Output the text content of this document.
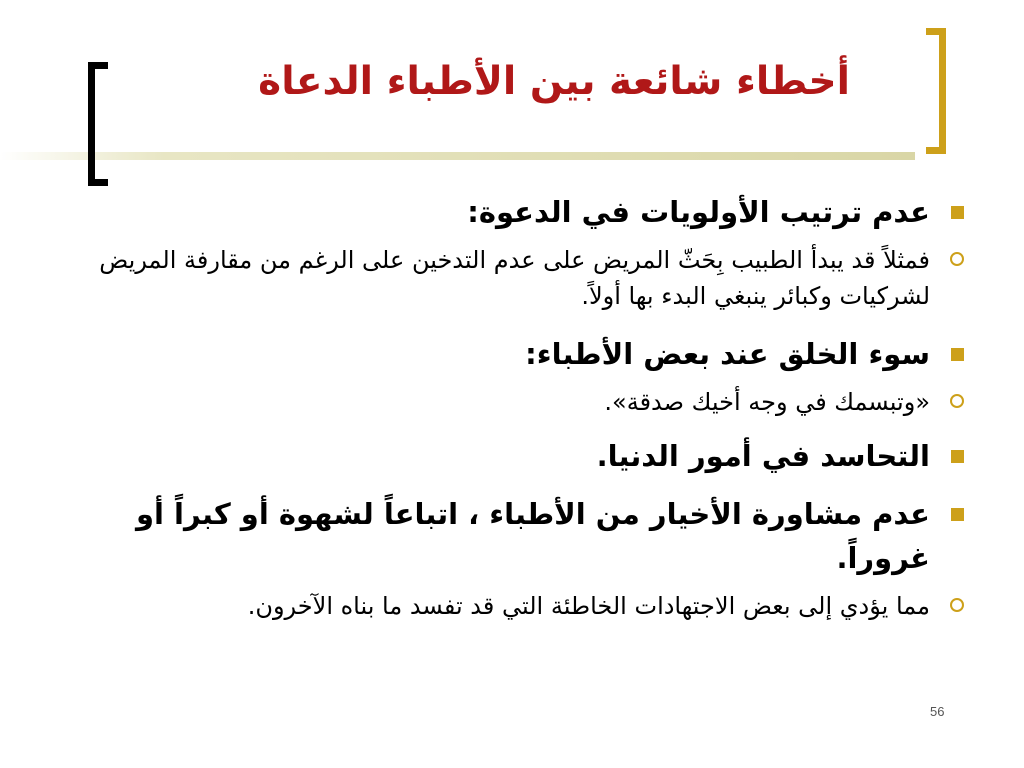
أخطاء شائعة بين الأطباء الدعاة
عدم ترتيب الأولويات في الدعوة:
فمثلاً قد يبدأ الطبيب بِحَثّ المريض على عدم التدخين على الرغم من مقارفة المريض لشركيات وكبائر ينبغي البدء بها أولاً.
سوء الخلق عند بعض الأطباء:
«وتبسمك في وجه أخيك صدقة».
التحاسد في أمور الدنيا.
عدم مشاورة الأخيار من الأطباء ، اتباعاً لشهوة أو كبراً أو غروراً.
مما يؤدي إلى بعض الاجتهادات الخاطئة التي قد تفسد ما بناه الآخرون.
56
